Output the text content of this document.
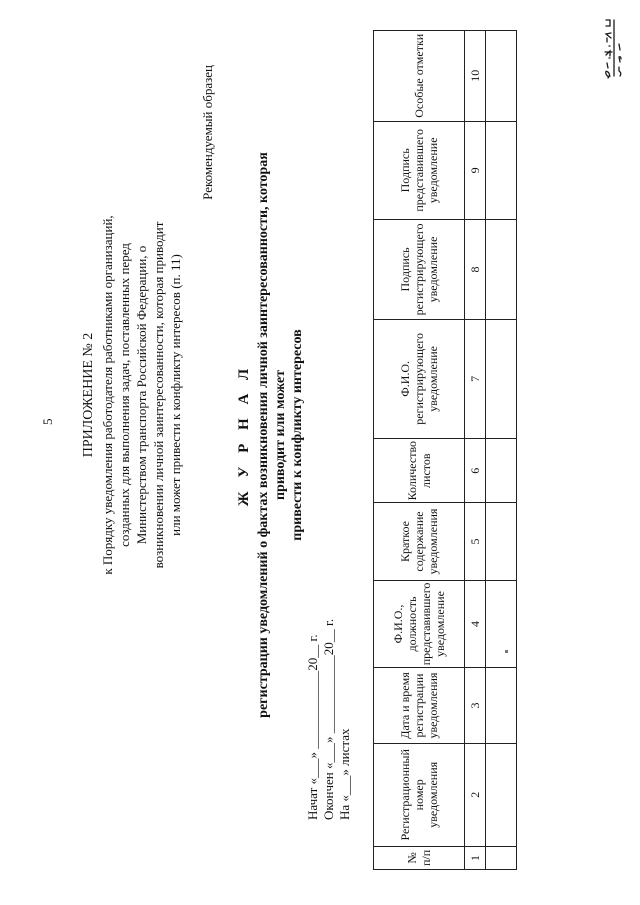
5 ПРИЛОЖЕНИЕ № 2 к Порядку уведомления работодателя работниками организаций, созданных для выполнения задач, поставленных перед Министерством транспорта Российской Федерации, о возникновении личной заинтересованности, которая приводит или может привести к конфликту интересов (п. 11)
Рекомендуемый образец
Ж У Р Н А Л регистрации уведомлений о фактах возникновения личной заинтересованности, которая приводит или может привести к конфликту интересов
Начат «___» ____________20__ г. Окончен «___» ____________20__ г. На «___» листах
№ п/п	Регистрационный номер уведомления	Дата и время регистрации уведомления	Ф.И.О., должность представившего уведомление	Краткое содержание уведомления	Количество листов	Ф.И.О. регистрирующего уведомление	Подпись регистрирующего уведомление	Подпись представившего уведомление	Особые отметки
1	2	3	4	5	6	7	8	9	10
